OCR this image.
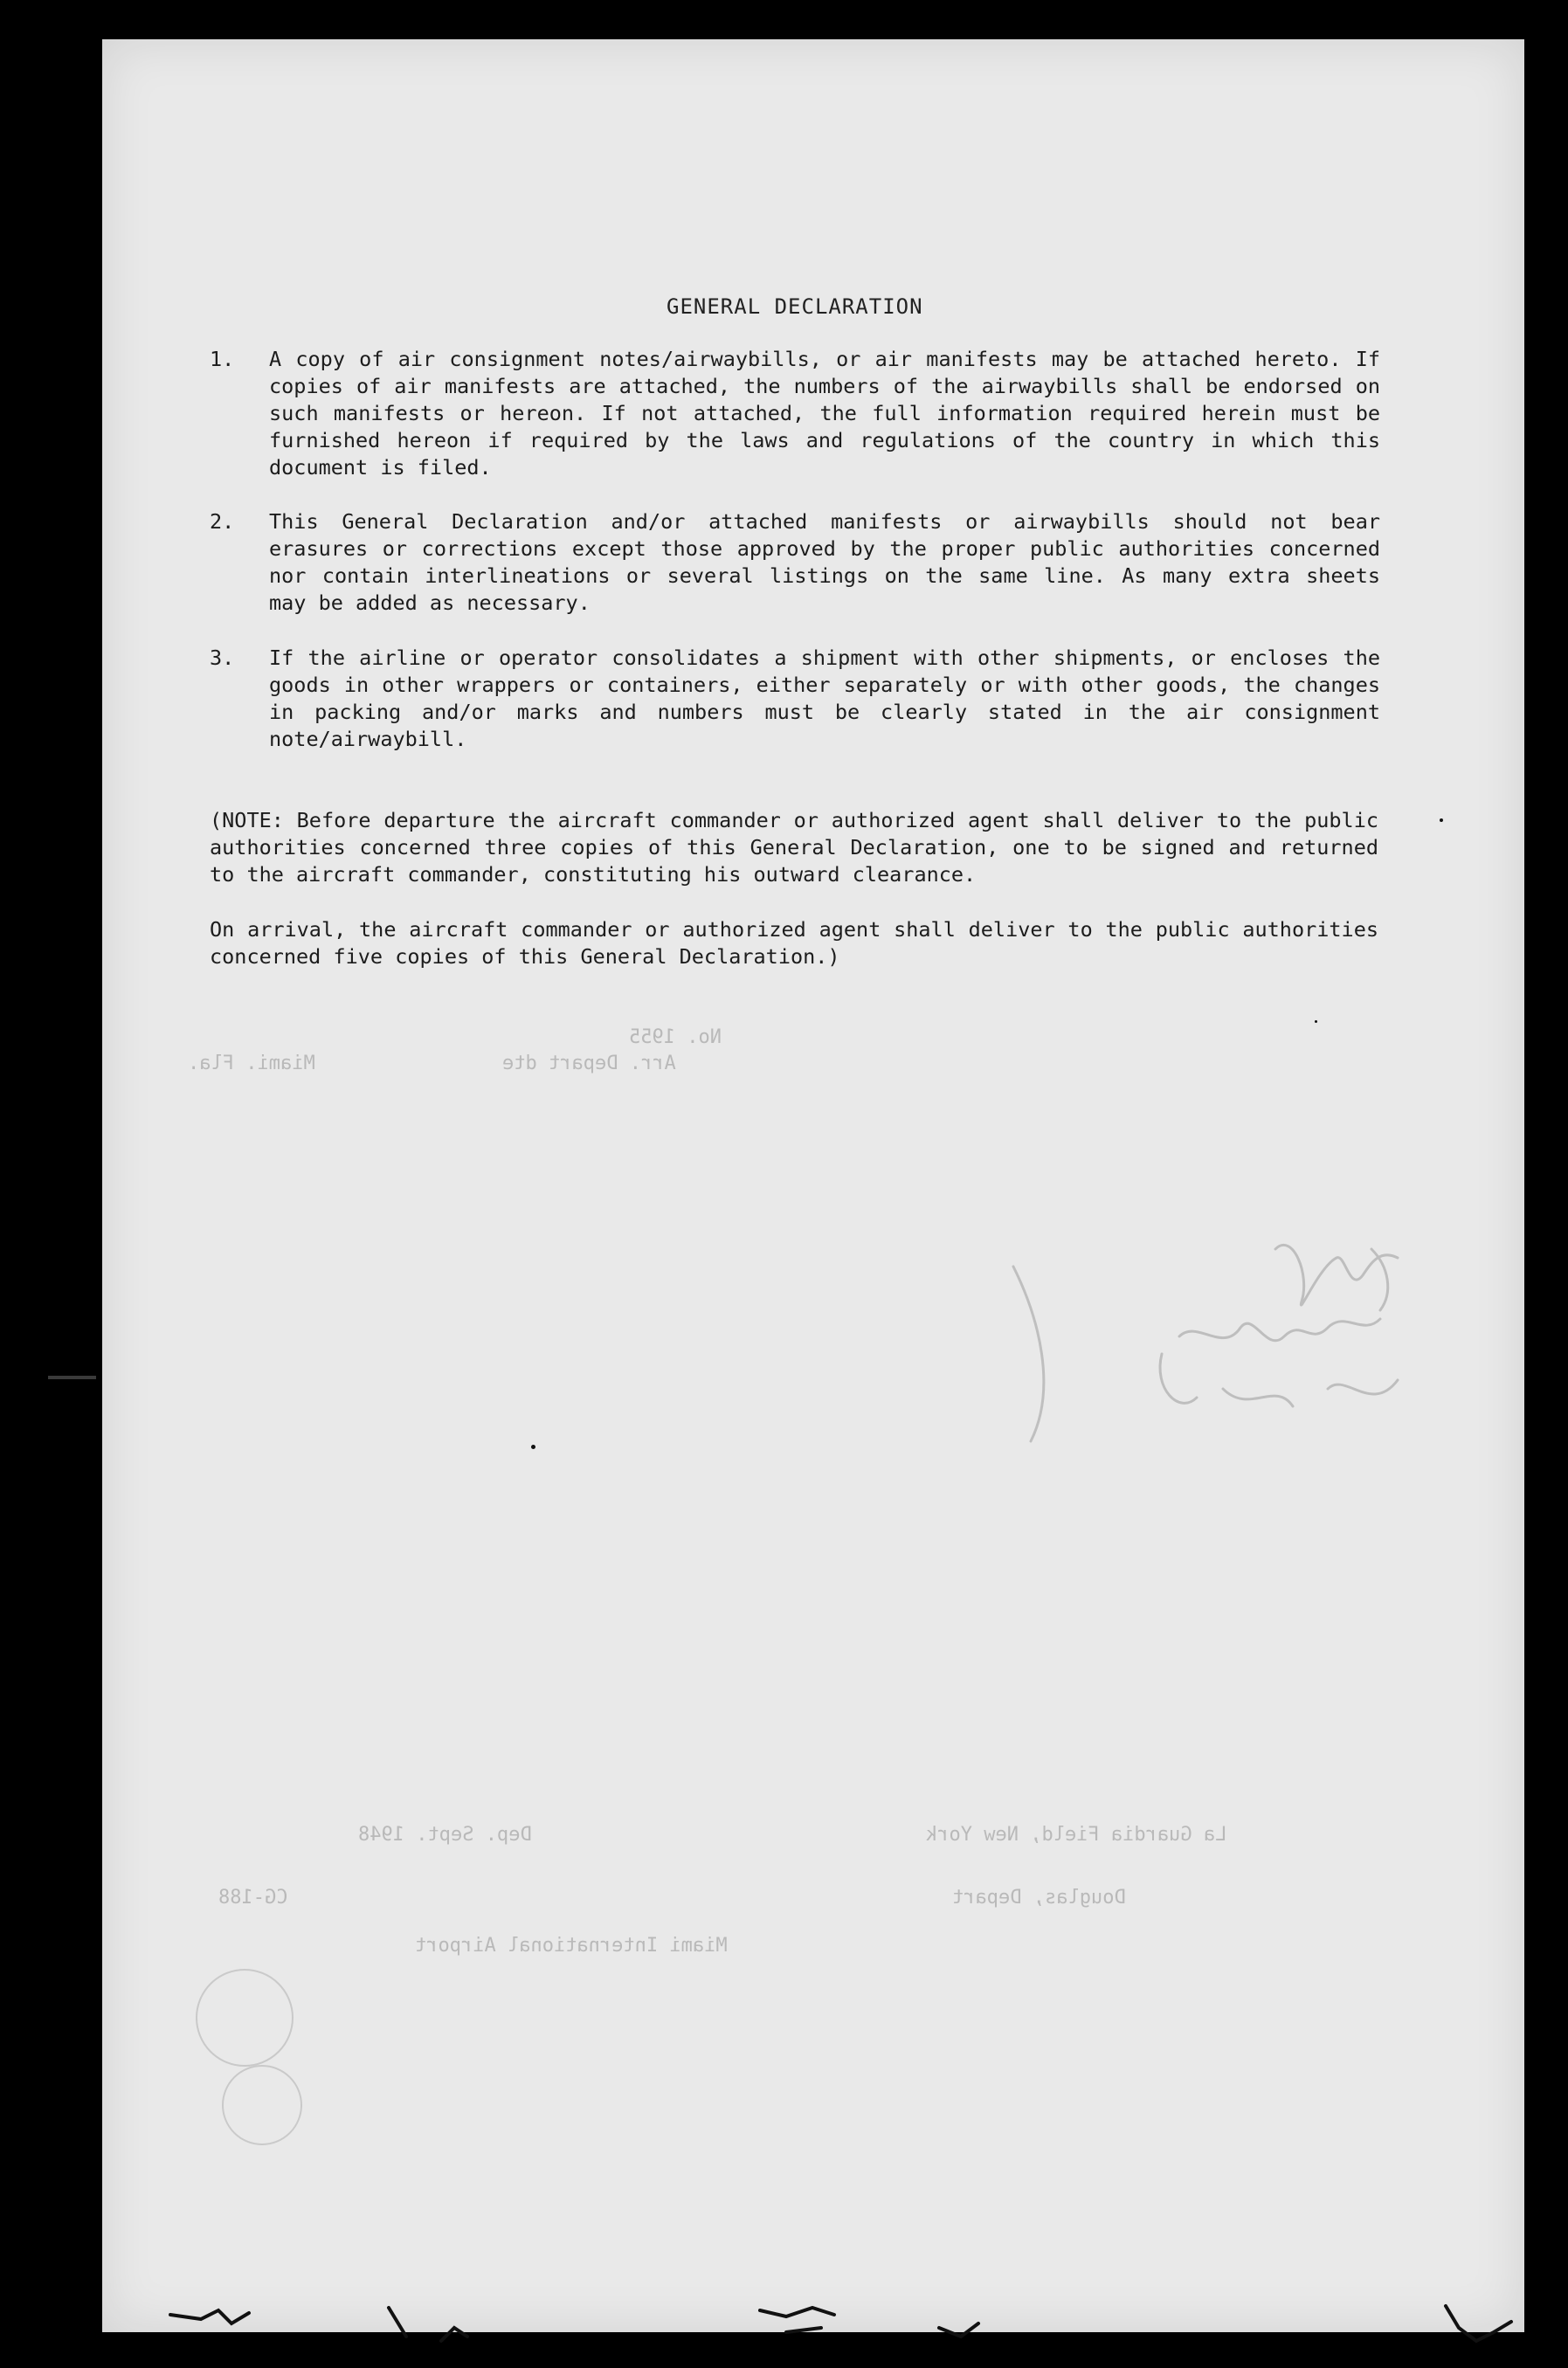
No. 1955
Arr. Depart dte
Miami. Fla.
Dep. Sept. 1948	La Guardia Field, New York
Douglas, Depart
CG-188
Miami International Airport
GENERAL DECLARATION
1. A copy of air consignment notes/airwaybills, or air manifests may be attached hereto. If copies of air manifests are attached, the numbers of the airwaybills shall be endorsed on such manifests or hereon. If not attached, the full information required herein must be furnished hereon if required by the laws and regulations of the country in which this document is filed.
2. This General Declaration and/or attached manifests or airwaybills should not bear erasures or corrections except those approved by the proper public authorities concerned nor contain interlineations or several listings on the same line. As many extra sheets may be added as necessary.
3. If the airline or operator consolidates a shipment with other shipments, or encloses the goods in other wrappers or containers, either separately or with other goods, the changes in packing and/or marks and numbers must be clearly stated in the air consignment note/airwaybill.
(NOTE: Before departure the aircraft commander or authorized agent shall deliver to the public authorities concerned three copies of this General Declaration, one to be signed and returned to the aircraft commander, constituting his outward clearance.
On arrival, the aircraft commander or authorized agent shall deliver to the public authorities concerned five copies of this General Declaration.)
